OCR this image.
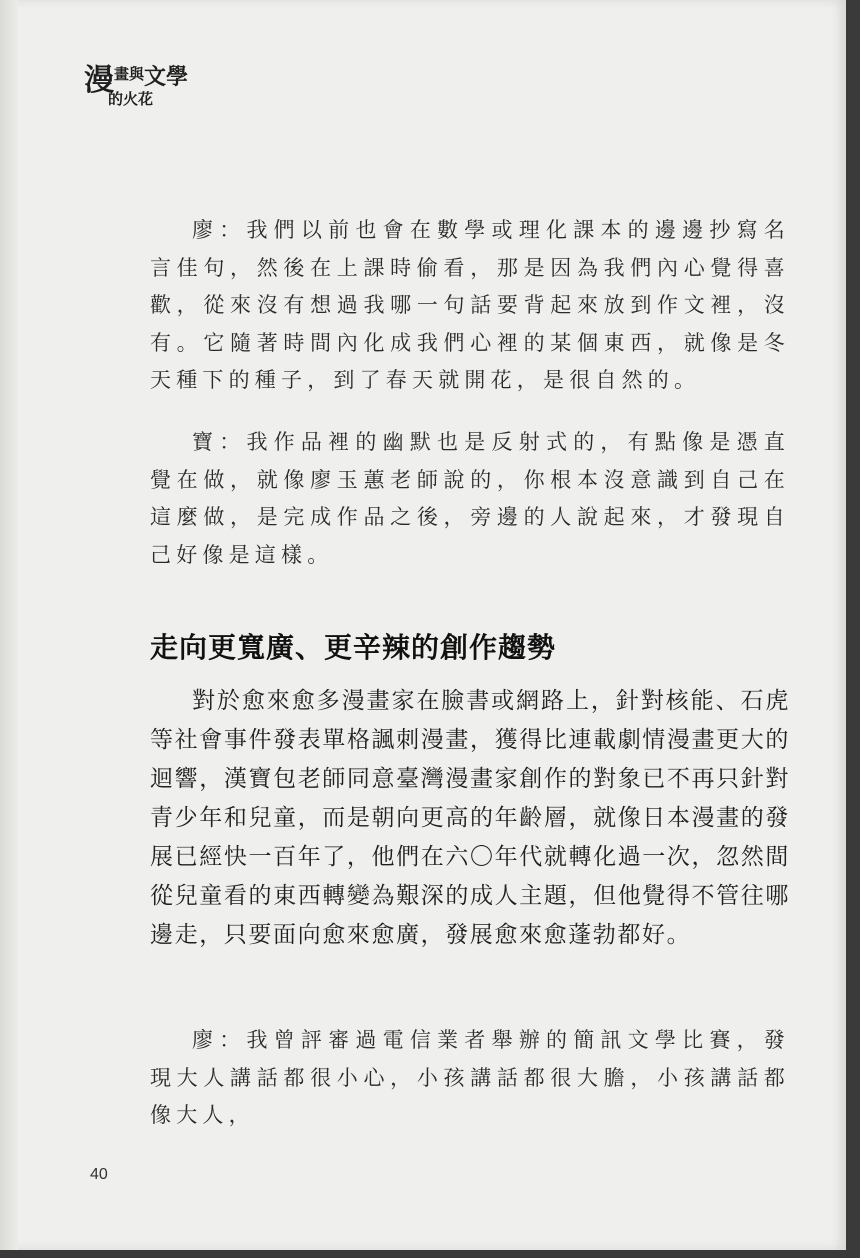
漫畫與文學
的火花

廖：我們以前也會在數學或理化課本的邊邊抄寫名言佳句，然後在上課時偷看，那是因為我們內心覺得喜歡，從來沒有想過我哪一句話要背起來放到作文裡，沒有。它隨著時間內化成我們心裡的某個東西，就像是冬天種下的種子，到了春天就開花，是很自然的。

寶：我作品裡的幽默也是反射式的，有點像是憑直覺在做，就像廖玉蕙老師說的，你根本沒意識到自己在這麼做，是完成作品之後，旁邊的人說起來，才發現自己好像是這樣。

走向更寬廣、更辛辣的創作趨勢

對於愈來愈多漫畫家在臉書或網路上，針對核能、石虎等社會事件發表單格諷刺漫畫，獲得比連載劇情漫畫更大的迴響，漢寶包老師同意臺灣漫畫家創作的對象已不再只針對青少年和兒童，而是朝向更高的年齡層，就像日本漫畫的發展已經快一百年了，他們在六〇年代就轉化過一次，忽然間從兒童看的東西轉變為艱深的成人主題，但他覺得不管往哪邊走，只要面向愈來愈廣，發展愈來愈蓬勃都好。

廖：我曾評審過電信業者舉辦的簡訊文學比賽，發現大人講話都很小心，小孩講話都很大膽，小孩講話都像大人，

40
